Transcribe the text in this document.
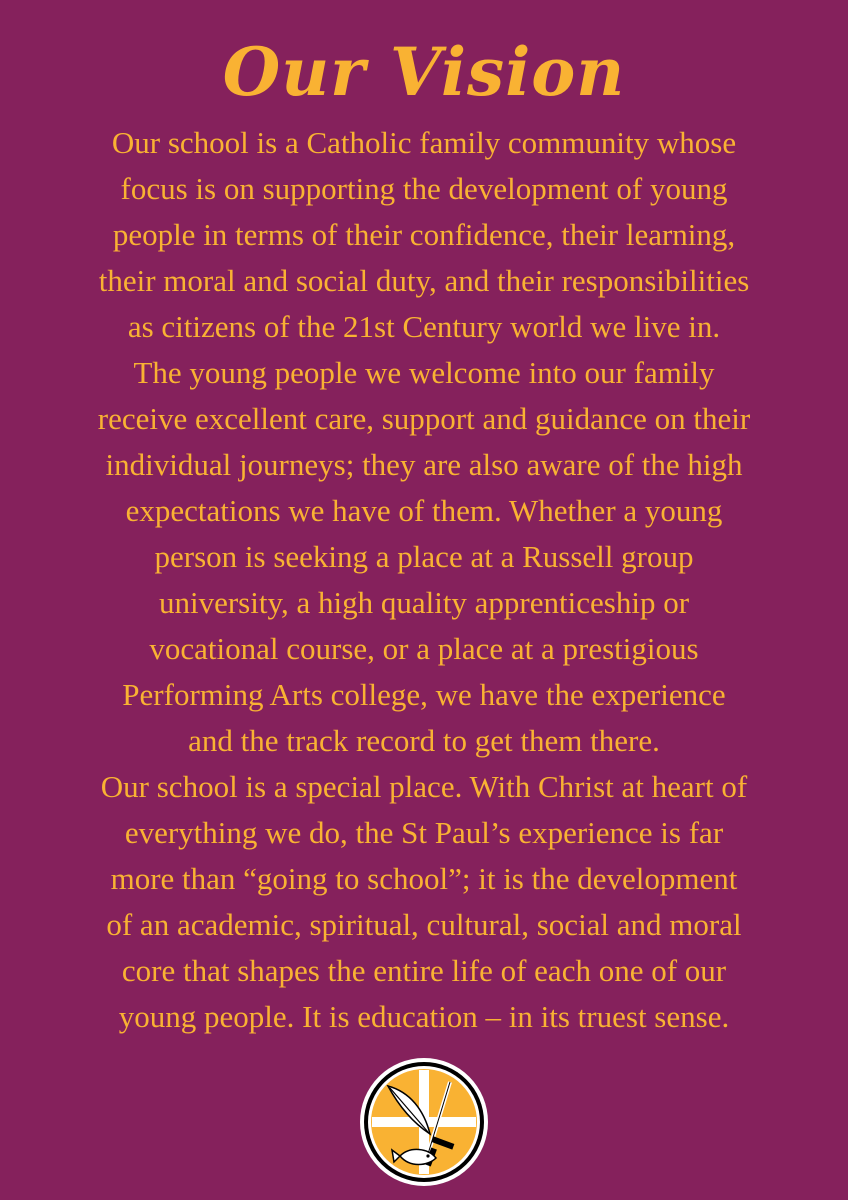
Our Vision
Our school is a Catholic family community whose
focus is on supporting the development of young
people in terms of their confidence, their learning,
their moral and social duty, and their responsibilities
as citizens of the 21st Century world we live in.
The young people we welcome into our family
receive excellent care, support and guidance on their
individual journeys; they are also aware of the high
expectations we have of them. Whether a young
person is seeking a place at a Russell group
university, a high quality apprenticeship or
vocational course, or a place at a prestigious
Performing Arts college, we have the experience
and the track record to get them there.
Our school is a special place. With Christ at heart of
everything we do, the St Paul’s experience is far
more than “going to school”; it is the development
of an academic, spiritual, cultural, social and moral
core that shapes the entire life of each one of our
young people. It is education – in its truest sense.
